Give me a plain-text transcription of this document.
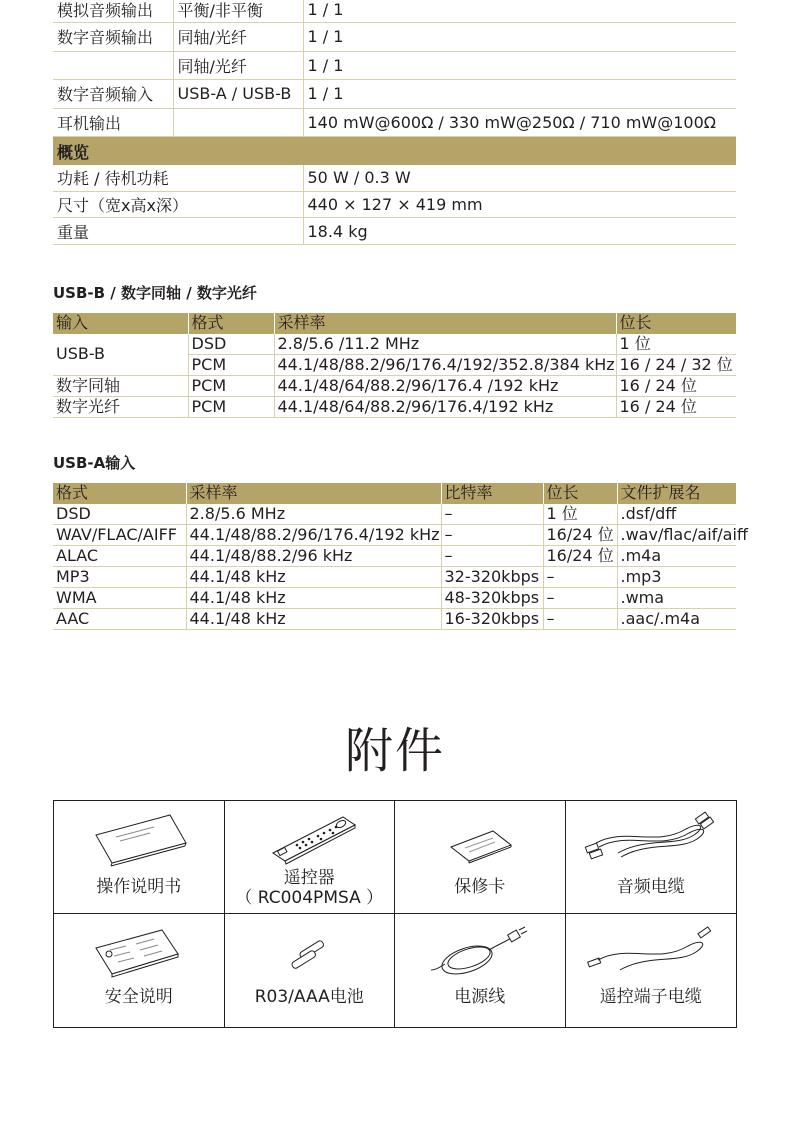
模拟音频输出	平衡/非平衡	1 / 1
数字音频输出	同轴/光纤	1 / 1
	同轴/光纤	1 / 1
数字音频输入	USB-A / USB-B	1 / 1
耳机输出		140 mW@600Ω / 330 mW@250Ω / 710 mW@100Ω
概览		
功耗 / 待机功耗		50 W / 0.3 W
尺寸（宽x高x深）		440 × 127 × 419 mm
重量		18.4 kg
USB-B / 数字同轴 / 数字光纤
输入	格式	采样率	位长
USB-B	DSD	2.8/5.6 /11.2 MHz	1 位
	PCM	44.1/48/88.2/96/176.4/192/352.8/384 kHz	16 / 24 / 32 位
数字同轴	PCM	44.1/48/64/88.2/96/176.4 /192 kHz	16 / 24 位
数字光纤	PCM	44.1/48/64/88.2/96/176.4/192 kHz	16 / 24 位
USB-A输入
格式	采样率	比特率	位长	文件扩展名
DSD	2.8/5.6 MHz	–	1 位	.dsf/dff
WAV/FLAC/AIFF	44.1/48/88.2/96/176.4/192 kHz	–	16/24 位	.wav/flac/aif/aiff
ALAC	44.1/48/88.2/96 kHz	–	16/24 位	.m4a
MP3	44.1/48 kHz	32-320kbps	–	.mp3
WMA	44.1/48 kHz	48-320kbps	–	.wma
AAC	44.1/48 kHz	16-320kbps	–	.aac/.m4a
附件
操作说明书	遥控器
（ RC004PMSA ）
保修卡	音频电缆
安全说明	R03/AAA电池	电源线	遥控端子电缆
